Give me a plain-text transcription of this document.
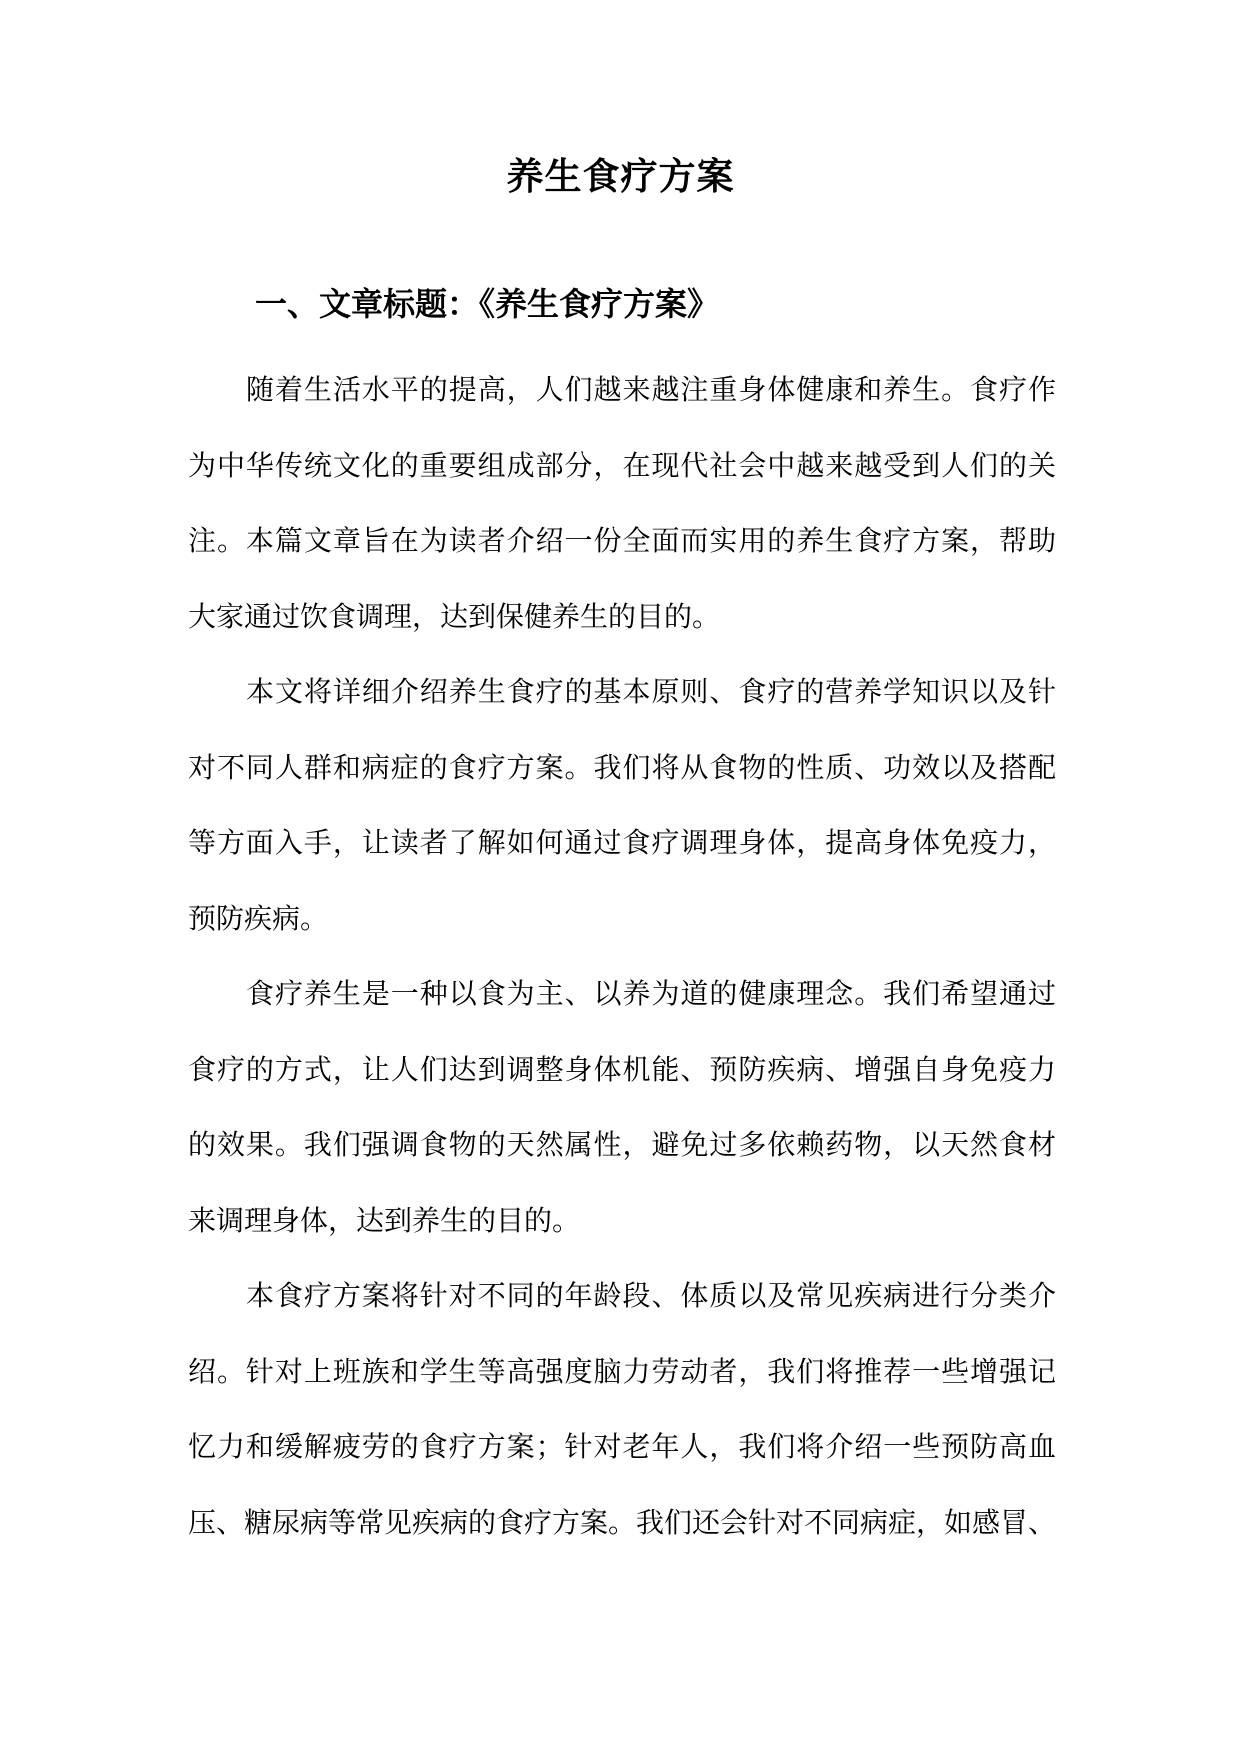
养生食疗方案
一、文章标题：《养生食疗方案》
随着生活水平的提高，人们越来越注重身体健康和养生。食疗作
为中华传统文化的重要组成部分，在现代社会中越来越受到人们的关
注。本篇文章旨在为读者介绍一份全面而实用的养生食疗方案，帮助
大家通过饮食调理，达到保健养生的目的。
本文将详细介绍养生食疗的基本原则、食疗的营养学知识以及针
对不同人群和病症的食疗方案。我们将从食物的性质、功效以及搭配
等方面入手，让读者了解如何通过食疗调理身体，提高身体免疫力，
预防疾病。
食疗养生是一种以食为主、以养为道的健康理念。我们希望通过
食疗的方式，让人们达到调整身体机能、预防疾病、增强自身免疫力
的效果。我们强调食物的天然属性，避免过多依赖药物，以天然食材
来调理身体，达到养生的目的。
本食疗方案将针对不同的年龄段、体质以及常见疾病进行分类介
绍。针对上班族和学生等高强度脑力劳动者，我们将推荐一些增强记
忆力和缓解疲劳的食疗方案；针对老年人，我们将介绍一些预防高血
压、糖尿病等常见疾病的食疗方案。我们还会针对不同病症，如感冒、
